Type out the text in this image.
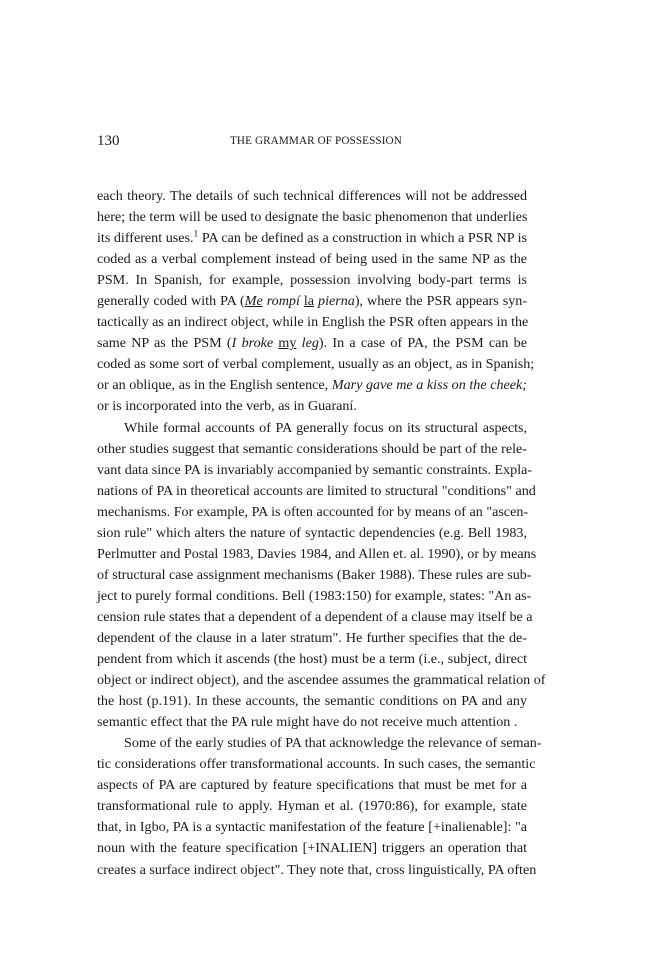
130	THE GRAMMAR OF POSSESSION
each theory. The details of such technical differences will not be addressed
here; the term will be used to designate the basic phenomenon that underlies
its different uses.$^1$ PA can be defined as a construction in which a PSR NP is
coded as a verbal complement instead of being used in the same NP as the
PSM. In Spanish, for example, possession involving body-part terms is
generally coded with PA (Me rompí la pierna), where the PSR appears syn-
tactically as an indirect object, while in English the PSR often appears in the
same NP as the PSM (I broke my leg). In a case of PA, the PSM can be
coded as some sort of verbal complement, usually as an object, as in Spanish;
or an oblique, as in the English sentence, Mary gave me a kiss on the cheek;
or is incorporated into the verb, as in Guaraní.
While formal accounts of PA generally focus on its structural aspects,
other studies suggest that semantic considerations should be part of the rele-
vant data since PA is invariably accompanied by semantic constraints. Expla-
nations of PA in theoretical accounts are limited to structural "conditions" and
mechanisms. For example, PA is often accounted for by means of an "ascen-
sion rule" which alters the nature of syntactic dependencies (e.g. Bell 1983,
Perlmutter and Postal 1983, Davies 1984, and Allen et. al. 1990), or by means
of structural case assignment mechanisms (Baker 1988). These rules are sub-
ject to purely formal conditions. Bell (1983:150) for example, states: "An as-
cension rule states that a dependent of a dependent of a clause may itself be a
dependent of the clause in a later stratum". He further specifies that the de-
pendent from which it ascends (the host) must be a term (i.e., subject, direct
object or indirect object), and the ascendee assumes the grammatical relation of
the host (p.191). In these accounts, the semantic conditions on PA and any
semantic effect that the PA rule might have do not receive much attention .
Some of the early studies of PA that acknowledge the relevance of seman-
tic considerations offer transformational accounts. In such cases, the semantic
aspects of PA are captured by feature specifications that must be met for a
transformational rule to apply. Hyman et al. (1970:86), for example, state
that, in Igbo, PA is a syntactic manifestation of the feature [+inalienable]: "a
noun with the feature specification [+INALIEN] triggers an operation that
creates a surface indirect object". They note that, cross linguistically, PA often
